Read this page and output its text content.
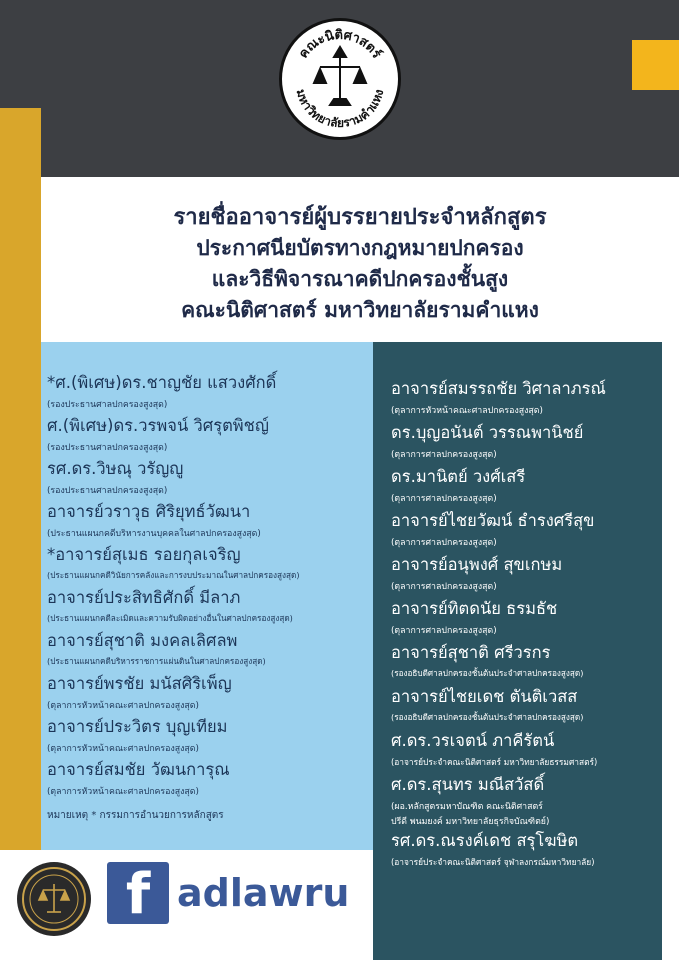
คณะนิติศาสตร์
มหาวิทยาลัยรามคำแหง
รายชื่ออาจารย์ผู้บรรยายประจำหลักสูตร
ประกาศนียบัตรทางกฎหมายปกครอง
และวิธีพิจารณาคดีปกครองชั้นสูง
คณะนิติศาสตร์ มหาวิทยาลัยรามคำแหง
*ศ.(พิเศษ)ดร.ชาญชัย แสวงศักดิ์
(รองประธานศาลปกครองสูงสุด)
ศ.(พิเศษ)ดร.วรพจน์ วิศรุตพิชญ์
(รองประธานศาลปกครองสูงสุด)
รศ.ดร.วิษณุ วรัญญู
(รองประธานศาลปกครองสูงสุด)
อาจารย์วราวุธ ศิริยุทธ์วัฒนา
(ประธานแผนกคดีบริหารงานบุคคลในศาลปกครองสูงสุด)
*อาจารย์สุเมธ รอยกุลเจริญ
(ประธานแผนกคดีวินัยการคลังและการงบประมาณในศาลปกครองสูงสุด)
อาจารย์ประสิทธิศักดิ์ มีลาภ
(ประธานแผนกคดีละเมิดและความรับผิดอย่างอื่นในศาลปกครองสูงสุด)
อาจารย์สุชาติ มงคลเลิศลพ
(ประธานแผนกคดีบริหารราชการแผ่นดินในศาลปกครองสูงสุด)
อาจารย์พรชัย มนัสศิริเพ็ญ
(ตุลาการหัวหน้าคณะศาลปกครองสูงสุด)
อาจารย์ประวิตร บุญเทียม
(ตุลาการหัวหน้าคณะศาลปกครองสูงสุด)
อาจารย์สมชัย วัฒนการุณ
(ตุลาการหัวหน้าคณะศาลปกครองสูงสุด)
หมายเหตุ * กรรมการอำนวยการหลักสูตร
อาจารย์สมรรถชัย วิศาลาภรณ์
(ตุลาการหัวหน้าคณะศาลปกครองสูงสุด)
ดร.บุญอนันต์ วรรณพานิชย์
(ตุลาการศาลปกครองสูงสุด)
ดร.มานิตย์ วงศ์เสรี
(ตุลาการศาลปกครองสูงสุด)
อาจารย์ไชยวัฒน์ ธำรงศรีสุข
(ตุลาการศาลปกครองสูงสุด)
อาจารย์อนุพงศ์ สุขเกษม
(ตุลาการศาลปกครองสูงสุด)
อาจารย์ทิตดนัย ธรมธัช
(ตุลาการศาลปกครองสูงสุด)
อาจารย์สุชาติ ศรีวรกร
(รองอธิบดีศาลปกครองชั้นต้นประจำศาลปกครองสูงสุด)
อาจารย์ไชยเดช ตันติเวสส
(รองอธิบดีศาลปกครองชั้นต้นประจำศาลปกครองสูงสุด)
ศ.ดร.วรเจตน์ ภาคีรัตน์
(อาจารย์ประจำคณะนิติศาสตร์ มหาวิทยาลัยธรรมศาสตร์)
ศ.ดร.สุนทร มณีสวัสดิ์
(ผอ.หลักสูตรมหาบัณฑิต คณะนิติศาสตร์
ปรีดี พนมยงค์ มหาวิทยาลัยธุรกิจบัณฑิตย์)
รศ.ดร.ณรงค์เดช สรุโฆษิต
(อาจารย์ประจำคณะนิติศาสตร์ จุฬาลงกรณ์มหาวิทยาลัย)
f adlawru
